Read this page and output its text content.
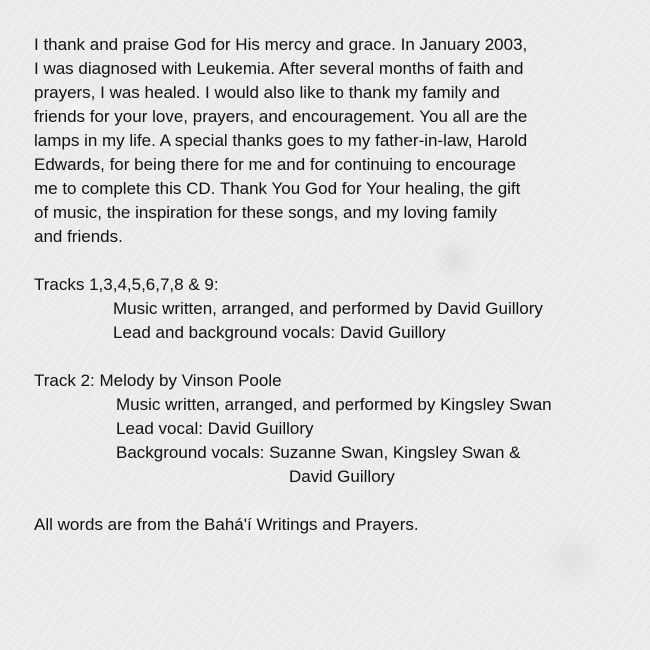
I thank and praise God for His mercy and grace. In January 2003,
I was diagnosed with Leukemia. After several months of faith and
prayers, I was healed. I would also like to thank my family and
friends for your love, prayers, and encouragement. You all are the
lamps in my life. A special thanks goes to my father-in-law, Harold
Edwards, for being there for me and for continuing to encourage
me to complete this CD. Thank You God for Your healing, the gift
of music, the inspiration for these songs, and my loving family
and friends.

Tracks 1,3,4,5,6,7,8 & 9:
Music written, arranged, and performed by David Guillory
Lead and background vocals: David Guillory
Track 2: Melody by Vinson Poole
Music written, arranged, and performed by Kingsley Swan
Lead vocal: David Guillory
Background vocals: Suzanne Swan, Kingsley Swan &
David Guillory
All words are from the Bahá'í Writings and Prayers.
